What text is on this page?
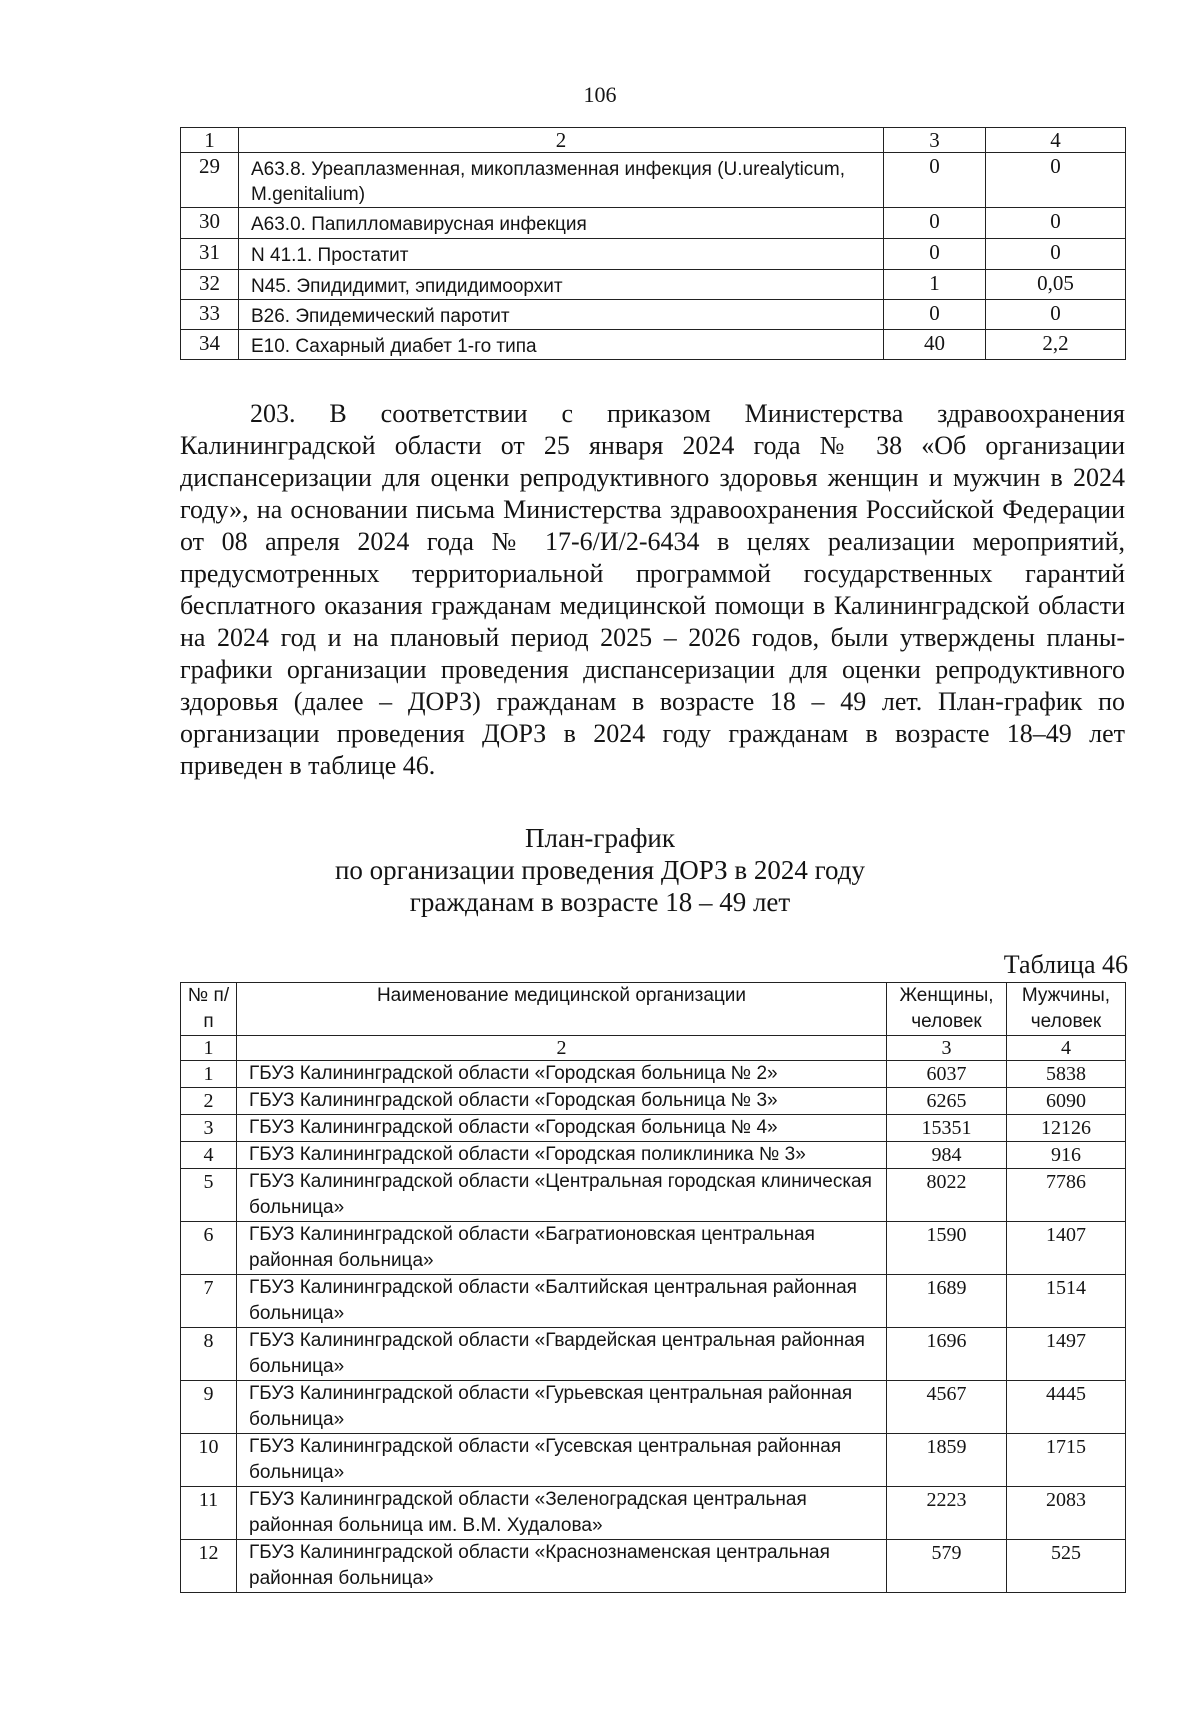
106
1	2	3	4
29	А63.8. Уреаплазменная, микоплазменная инфекция (U.urealyticum, M.genitalium)	0	0
30	А63.0. Папилломавирусная инфекция	0	0
31	N 41.1. Простатит	0	0
32	N45. Эпидидимит, эпидидимоорхит	1	0,05
33	В26. Эпидемический паротит	0	0
34	Е10. Сахарный диабет 1-го типа	40	2,2

203. В соответствии с приказом Министерства здравоохранения Калининградской области от 25 января 2024 года № 38 «Об организации диспансеризации для оценки репродуктивного здоровья женщин и мужчин в 2024 году», на основании письма Министерства здравоохранения Российской Федерации от 08 апреля 2024 года № 17-6/И/2-6434 в целях реализации мероприятий, предусмотренных территориальной программой государственных гарантий бесплатного оказания гражданам медицинской помощи в Калининградской области на 2024 год и на плановый период 2025 – 2026 годов, были утверждены планы-графики организации проведения диспансеризации для оценки репродуктивного здоровья (далее – ДОРЗ) гражданам в возрасте 18 – 49 лет. План-график по организации проведения ДОРЗ в 2024 году гражданам в возрасте 18–49 лет приведен в таблице 46.

План-график
по организации проведения ДОРЗ в 2024 году
гражданам в возрасте 18 – 49 лет
Таблица 46
№ п/п	Наименование медицинской организации	Женщины, человек	Мужчины, человек
1	2	3	4
1	ГБУЗ Калининградской области «Городская больница № 2»	6037	5838
2	ГБУЗ Калининградской области «Городская больница № 3»	6265	6090
3	ГБУЗ Калининградской области «Городская больница № 4»	15351	12126
4	ГБУЗ Калининградской области «Городская поликлиника № 3»	984	916
5	ГБУЗ Калининградской области «Центральная городская клиническая больница»	8022	7786
6	ГБУЗ Калининградской области «Багратионовская центральная районная больница»	1590	1407
7	ГБУЗ Калининградской области «Балтийская центральная районная больница»	1689	1514
8	ГБУЗ Калининградской области «Гвардейская центральная районная больница»	1696	1497
9	ГБУЗ Калининградской области «Гурьевская центральная районная больница»	4567	4445
10	ГБУЗ Калининградской области «Гусевская центральная районная больница»	1859	1715
11	ГБУЗ Калининградской области «Зеленоградская центральная районная больница им. В.М. Худалова»	2223	2083
12	ГБУЗ Калининградской области «Краснознаменская центральная районная больница»	579	525
